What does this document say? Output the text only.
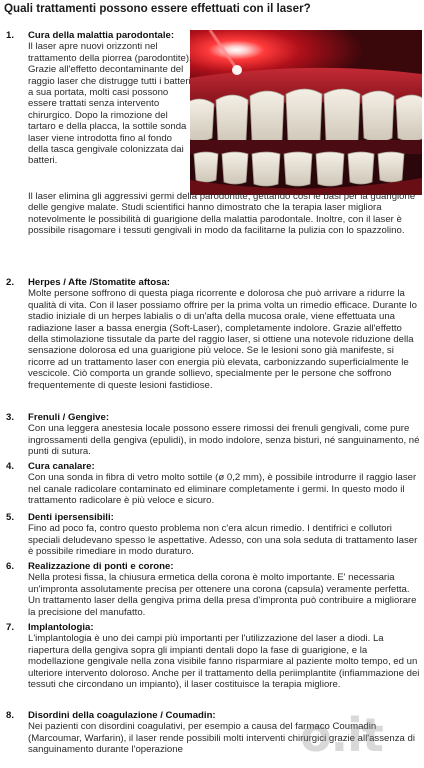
Quali trattamenti possono essere effettuati con il laser?
1.	Cura della malattia parodontale:
Il laser apre nuovi orizzonti nel trattamento della piorrea (parodontite). Grazie all'effetto decontaminante del raggio laser che distrugge tutti i batteri a sua portata, molti casi possono essere trattati senza intervento chirurgico. Dopo la rimozione del tartaro e della placca, la sottile sonda laser viene introdotta fino al fondo della tasca gengivale colonizzata dai batteri.
Il laser elimina gli aggressivi germi della parodontite, gettando così le basi per la guarigione delle gengive malate. Studi scientifici hanno dimostrato che la terapia laser migliora notevolmente le possibilità di guarigione della malattia parodontale. Inoltre, con il laser è possibile risagomare i tessuti gengivali in modo da facilitarne la pulizia con lo spazzolino.
2.	Herpes / Afte /Stomatite aftosa:
Molte persone soffrono di questa piaga ricorrente e dolorosa che può arrivare a ridurre la qualità di vita. Con il laser possiamo offrire per la prima volta un rimedio efficace. Durante lo stadio iniziale di un herpes labialis o di un'afta della mucosa orale, viene effettuata una radiazione laser a bassa energia (Soft-Laser), completamente indolore. Grazie all'effetto della stimolazione tissutale da parte del raggio laser, si ottiene una notevole riduzione della sensazione dolorosa ed una guarigione più veloce. Se le lesioni sono già manifeste, si ricorre ad un trattamento laser con energia più elevata, carbonizzando superficialmente le vescicole. Ciò comporta un grande sollievo, specialmente per le persone che soffrono frequentemente di queste lesioni fastidiose.
3.	Frenuli / Gengive:
Con una leggera anestesia locale possono essere rimossi dei frenuli gengivali, come pure ingrossamenti della gengiva (epulidi), in modo indolore, senza bisturi, né sanguinamento, né punti di sutura.
4.	Cura canalare:
Con una sonda in fibra di vetro molto sottile (ø 0,2 mm), è possibile introdurre il raggio laser nel canale radicolare contaminato ed eliminare completamente i germi. In questo modo il trattamento radicolare è più veloce e sicuro.
5.	Denti ipersensibili:
Fino ad poco fa, contro questo problema non c'era alcun rimedio. I dentifrici e collutori speciali deludevano spesso le aspettative. Adesso, con una sola seduta di trattamento laser è possibile rimediare in modo duraturo.
6.	Realizzazione di ponti e corone:
Nella protesi fissa, la chiusura ermetica della corona è molto importante. E' necessaria un'impronta assolutamente precisa per ottenere una corona (capsula) veramente perfetta. Un trattamento laser della gengiva prima della presa d'impronta può contribuire a migliorare la precisione del manufatto.
7.	Implantologia:
L'implantologia è uno dei campi più importanti per l'utilizzazione del laser a diodi. La riapertura della gengiva sopra gli impianti dentali dopo la fase di guarigione, e la modellazione gengivale nella zona visibile fanno risparmiare al paziente molto tempo, ed un ulteriore intervento doloroso. Anche per il trattamento della periimplantite (infiammazione dei tessuti che circondano un impianto), il laser costituisce la terapia migliore.
8.	Disordini della coagulazione / Coumadin:
Nei pazienti con disordini coagulativi, per esempio a causa del farmaco Coumadin (Marcoumar, Warfarin), il laser rende possibili molti interventi chirurgici grazie all'assenza di sanguinamento durante l'operazione	o.it
